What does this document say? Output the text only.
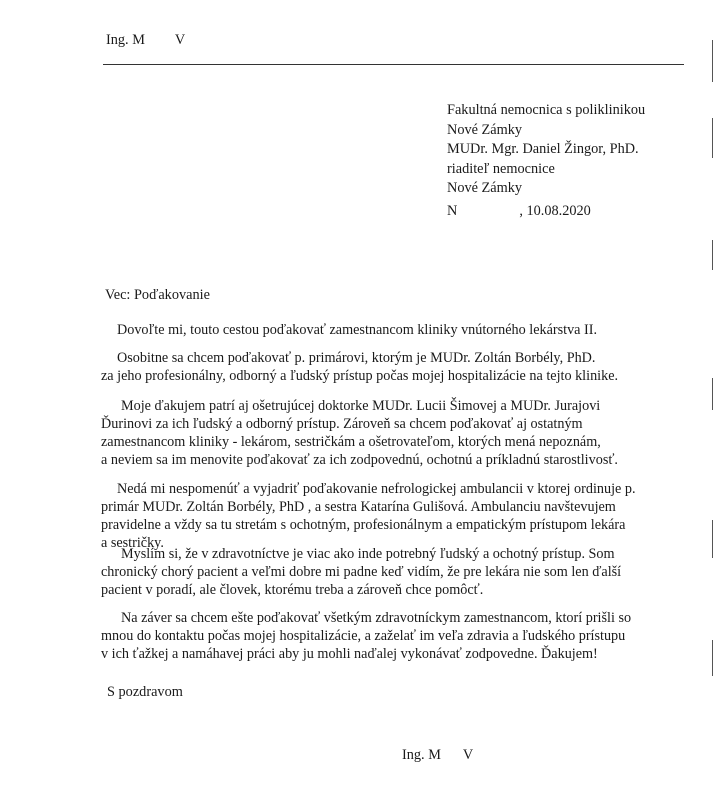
Ing. M V
Fakultná nemocnica s poliklinikou
Nové Zámky
MUDr. Mgr. Daniel Žingor, PhD.
riaditeľ nemocnice
Nové Zámky
N	, 10.08.2020
Vec: Poďakovanie
Dovoľte mi, touto cestou poďakovať zamestnancom kliniky vnútorného lekárstva II.
Osobitne sa chcem poďakovať p. primárovi, ktorým je MUDr. Zoltán Borbély, PhD.
za jeho profesionálny, odborný a ľudský prístup počas mojej hospitalizácie na tejto klinike.
Moje ďakujem patrí aj ošetrujúcej doktorke MUDr. Lucii Šimovej a MUDr. Jurajovi
Ďurinovi za ich ľudský a odborný prístup. Zároveň sa chcem poďakovať aj ostatným
zamestnancom kliniky - lekárom, sestričkám a ošetrovateľom, ktorých mená nepoznám,
a neviem sa im menovite poďakovať za ich zodpovednú, ochotnú a príkladnú starostlivosť.
Nedá mi nespomenúť a vyjadriť poďakovanie nefrologickej ambulancii v ktorej ordinuje p.
primár MUDr. Zoltán Borbély, PhD , a sestra Katarína Gulišová. Ambulanciu navštevujem
pravidelne a vždy sa tu stretám s ochotným, profesionálnym a empatickým prístupom lekára
a sestričky.
Myslím si, že v zdravotníctve je viac ako inde potrebný ľudský a ochotný prístup. Som
chronický chorý pacient a veľmi dobre mi padne keď vidím, že pre lekára nie som len ďalší
pacient v poradí, ale človek, ktorému treba a zároveň chce pomôcť.
Na záver sa chcem ešte poďakovať všetkým zdravotníckym zamestnancom, ktorí prišli so
mnou do kontaktu počas mojej hospitalizácie, a zaželať im veľa zdravia a ľudského prístupu
v ich ťažkej a namáhavej práci aby ju mohli naďalej vykonávať zodpovedne. Ďakujem!
S pozdravom
Ing. M V
